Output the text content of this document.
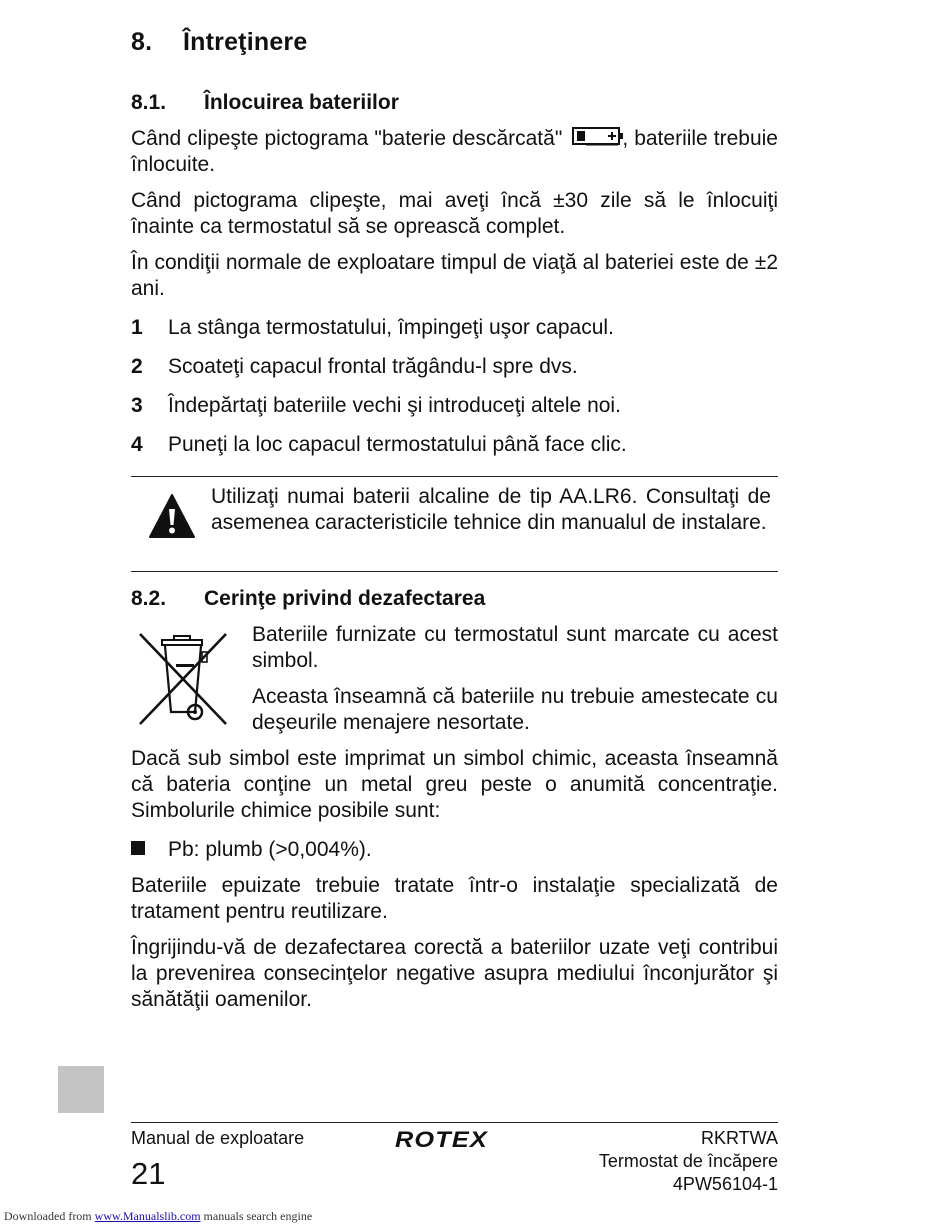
8. Întreţinere
8.1. Înlocuirea bateriilor

Când clipeşte pictograma "baterie descărcată"	, bateriile trebuie înlocuite.

Când pictograma clipeşte, mai aveţi încă ±30 zile să le înlocuiţi înainte ca termostatul să se oprească complet.

În condiţii normale de exploatare timpul de viaţă al bateriei este de ±2 ani.

1 La stânga termostatului, împingeţi uşor capacul.
2 Scoateţi capacul frontal trăgându-l spre dvs.
3 Îndepărtaţi bateriile vechi şi introduceţi altele noi.
4 Puneţi la loc capacul termostatului până face clic.
Utilizaţi numai baterii alcaline de tip AA.LR6. Consultaţi de asemenea caracteristicile tehnice din manualul de instalare.
8.2. Cerinţe privind dezafectarea

Bateriile furnizate cu termostatul sunt marcate cu acest simbol.

Aceasta înseamnă că bateriile nu trebuie amestecate cu deşeurile menajere nesortate.

Dacă sub simbol este imprimat un simbol chimic, aceasta înseamnă că bateria conţine un metal greu peste o anumită concentraţie. Simbolurile chimice posibile sunt:

Pb: plumb (>0,004%).

Bateriile epuizate trebuie tratate într-o instalaţie specializată de tratament pentru reutilizare.

Îngrijindu-vă de dezafectarea corectă a bateriilor uzate veţi contribui la prevenirea consecinţelor negative asupra mediului înconjurător şi sănătăţii oamenilor.

Manual de exploatare
21
ROTEX	RKRTWA
Termostat de încăpere
4PW56104-1
Downloaded from www.Manualslib.com manuals search engine
